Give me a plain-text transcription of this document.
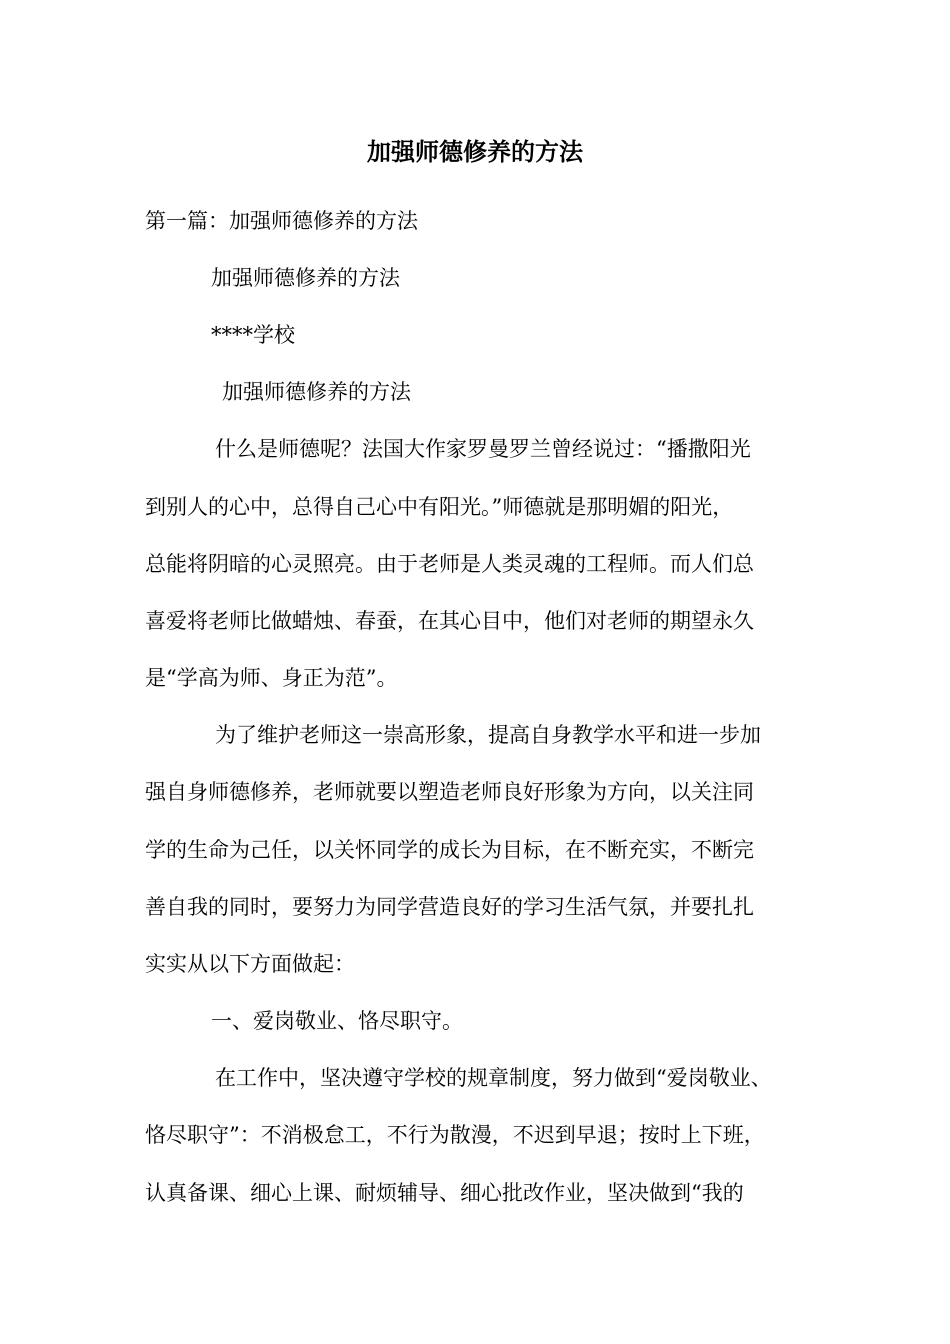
加强师德修养的方法
第一篇：加强师德修养的方法
加强师德修养的方法
****学校
加强师德修养的方法
什么是师德呢？法国大作家罗曼罗兰曾经说过：“播撒阳光
到别人的心中，总得自己心中有阳光。”师德就是那明媚的阳光，
总能将阴暗的心灵照亮。由于老师是人类灵魂的工程师。而人们总
喜爱将老师比做蜡烛、春蚕，在其心目中，他们对老师的期望永久
是“学高为师、身正为范”。
为了维护老师这一崇高形象，提高自身教学水平和进一步加
强自身师德修养，老师就要以塑造老师良好形象为方向，以关注同
学的生命为己任，以关怀同学的成长为目标，在不断充实，不断完
善自我的同时，要努力为同学营造良好的学习生活气氛，并要扎扎
实实从以下方面做起：
一、爱岗敬业、恪尽职守。
在工作中，坚决遵守学校的规章制度，努力做到“爱岗敬业、
恪尽职守”：不消极怠工，不行为散漫，不迟到早退；按时上下班，
认真备课、细心上课、耐烦辅导、细心批改作业，坚决做到“我的
